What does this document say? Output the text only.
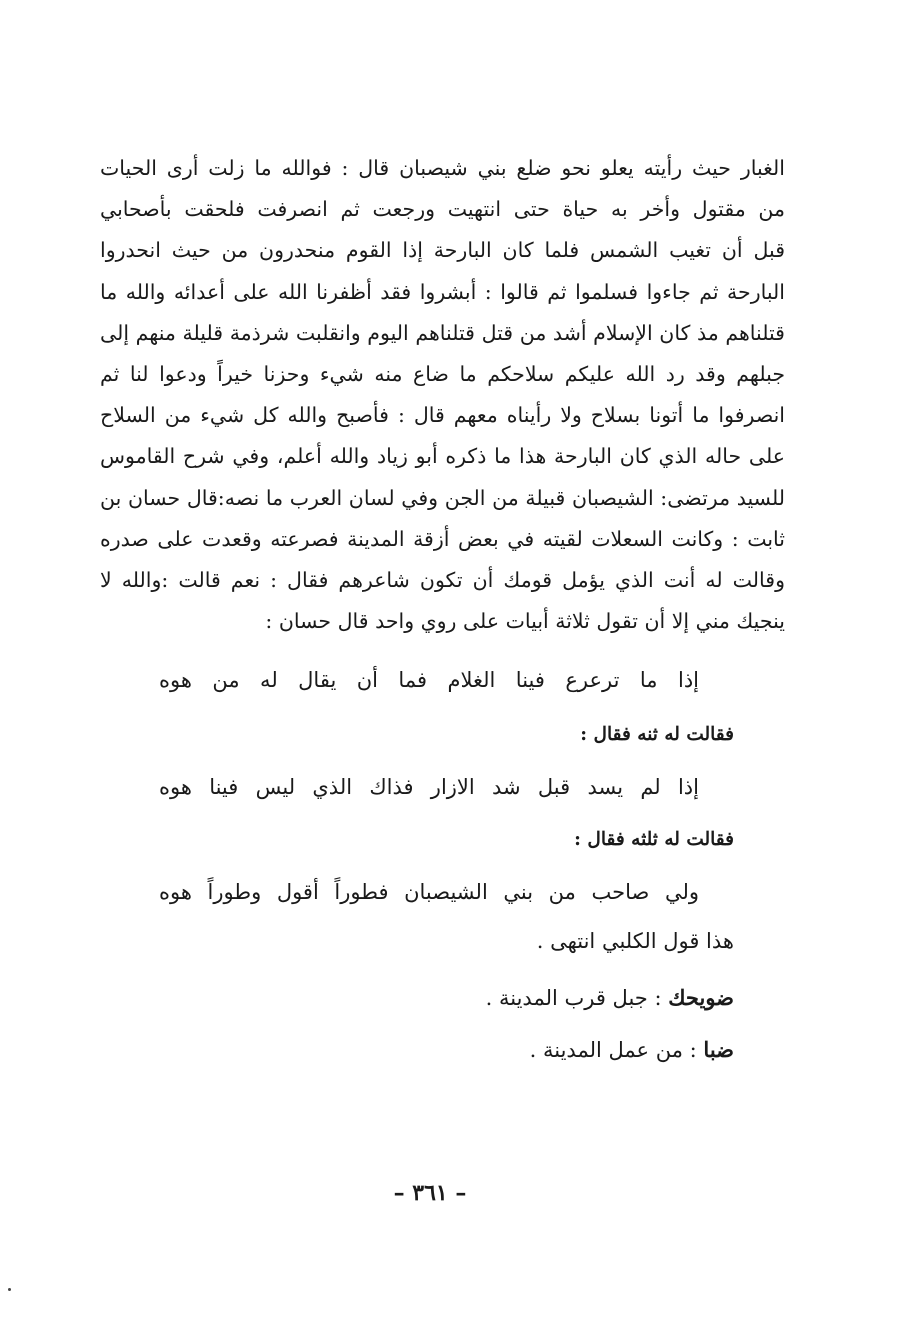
الغبار حيث رأيته يعلو نحو ضلع بني شيصبان قال : فوالله ما زلت أرى الحيات
من مقتول وأخر به حياة حتى انتهيت ورجعت ثم انصرفت فلحقت بأصحابي
قبل أن تغيب الشمس فلما كان البارحة إذا القوم منحدرون من حيث انحدروا
البارحة ثم جاءوا فسلموا ثم قالوا : أبشروا فقد أظفرنا الله على أعدائه والله ما
قتلناهم مذ كان الإسلام أشد من قتل قتلناهم اليوم وانقلبت شرذمة قليلة منهم إلى
جبلهم وقد رد الله عليكم سلاحكم ما ضاع منه شيء وحزنا خيراً ودعوا لنا ثم
انصرفوا ما أتونا بسلاح ولا رأيناه معهم قال : فأصبح والله كل شيء من السلاح
على حاله الذي كان البارحة هذا ما ذكره أبو زياد والله أعلم، وفي شرح القاموس
للسيد مرتضى: الشيصبان قبيلة من الجن وفي لسان العرب ما نصه:قال حسان بن
ثابت : وكانت السعلات لقيته في بعض أزقة المدينة فصرعته وقعدت على صدره
وقالت له أنت الذي يؤمل قومك أن تكون شاعرهم فقال : نعم قالت :والله لا
ينجيك مني إلا أن تقول ثلاثة أبيات على روي واحد قال حسان :
إذا ما ترعرع فينا الغلام فما أن يقال له من هوه
فقالت له ثنه فقال :
إذا لم يسد قبل شد الازار فذاك الذي ليس فينا هوه
فقالت له ثلثه فقال :
ولي صاحب من بني الشيصبان فطوراً أقول وطوراً هوه
هذا قول الكلبي انتهى .
ضويحك : جبل قرب المدينة .
ضبا : من عمل المدينة .
– ٣٦١ –
